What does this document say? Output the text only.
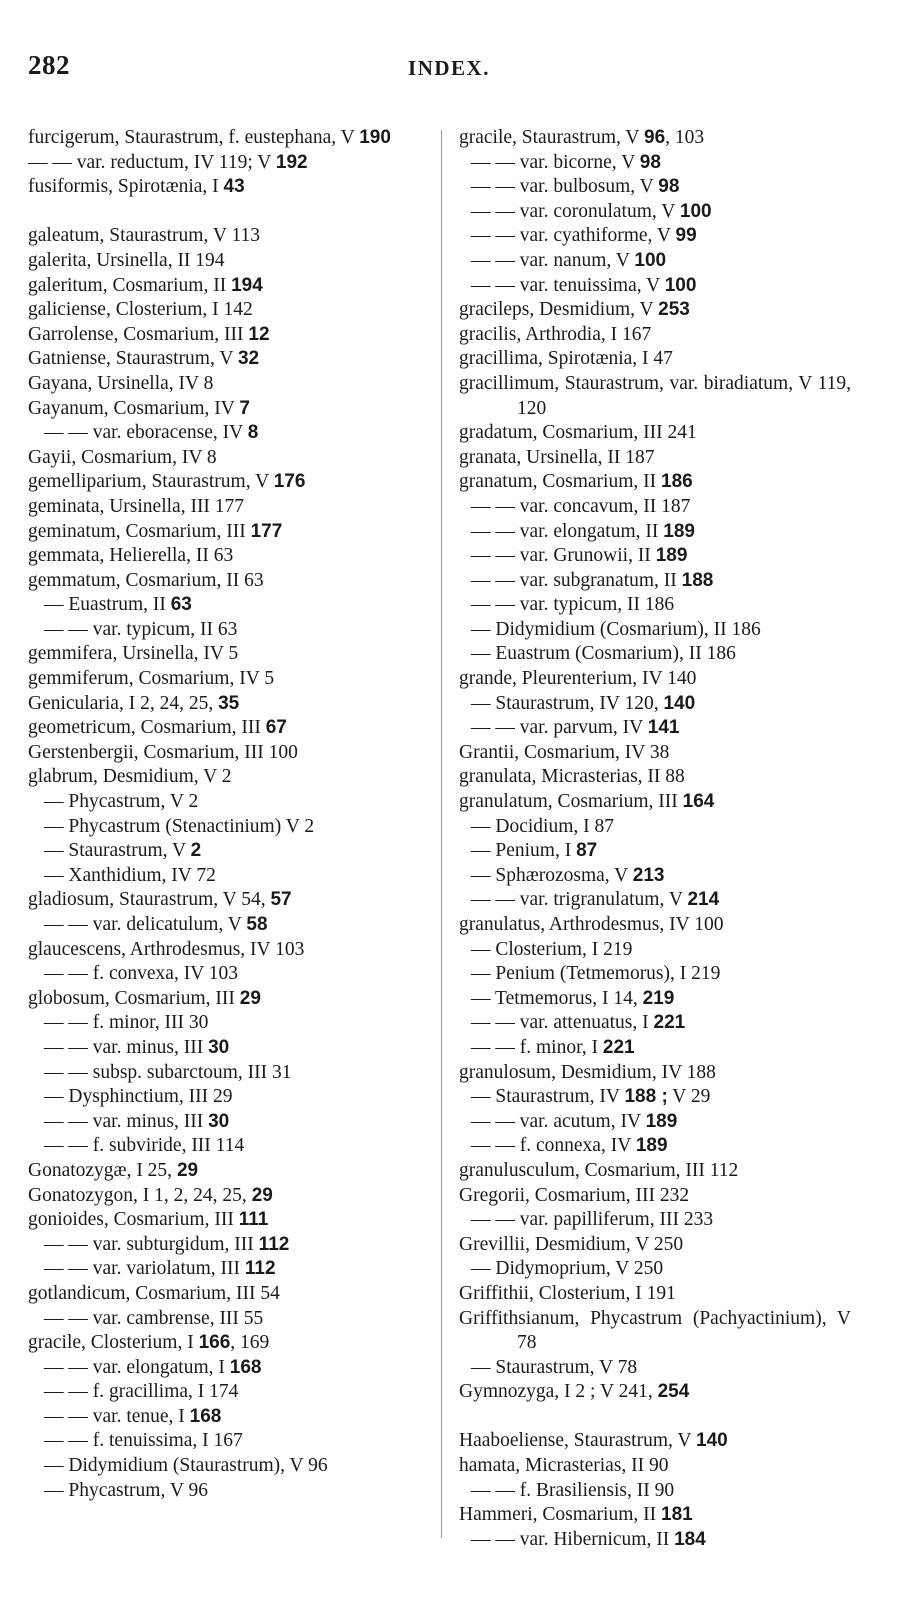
282	INDEX.
furcigerum, Staurastrum, f. eustephana, V 190
— — var. reductum, IV 119; V 192
fusiformis, Spirotænia, I 43
galeatum, Staurastrum, V 113
galerita, Ursinella, II 194
galeritum, Cosmarium, II 194
galiciense, Closterium, I 142
Garrolense, Cosmarium, III 12
Gatniense, Staurastrum, V 32
Gayana, Ursinella, IV 8
Gayanum, Cosmarium, IV 7
— — var. eboracense, IV 8
Gayii, Cosmarium, IV 8
gemelliparium, Staurastrum, V 176
geminata, Ursinella, III 177
geminatum, Cosmarium, III 177
gemmata, Helierella, II 63
gemmatum, Cosmarium, II 63
— Euastrum, II 63
— — var. typicum, II 63
gemmifera, Ursinella, IV 5
gemmiferum, Cosmarium, IV 5
Genicularia, I 2, 24, 25, 35
geometricum, Cosmarium, III 67
Gerstenbergii, Cosmarium, III 100
glabrum, Desmidium, V 2
— Phycastrum, V 2
— Phycastrum (Stenactinium) V 2
— Staurastrum, V 2
— Xanthidium, IV 72
gladiosum, Staurastrum, V 54, 57
— — var. delicatulum, V 58
glaucescens, Arthrodesmus, IV 103
— — f. convexa, IV 103
globosum, Cosmarium, III 29
— — f. minor, III 30
— — var. minus, III 30
— — subsp. subarctoum, III 31
— Dysphinctium, III 29
— — var. minus, III 30
— — f. subviride, III 114
Gonatozygæ, I 25, 29
Gonatozygon, I 1, 2, 24, 25, 29
gonioides, Cosmarium, III 111
— — var. subturgidum, III 112
— — var. variolatum, III 112
gotlandicum, Cosmarium, III 54
— — var. cambrense, III 55
gracile, Closterium, I 166, 169
— — var. elongatum, I 168
— — f. gracillima, I 174
— — var. tenue, I 168
— — f. tenuissima, I 167
— Didymidium (Staurastrum), V 96
— Phycastrum, V 96
gracile, Staurastrum, V 96, 103
— — var. bicorne, V 98
— — var. bulbosum, V 98
— — var. coronulatum, V 100
— — var. cyathiforme, V 99
— — var. nanum, V 100
— — var. tenuissima, V 100
gracileps, Desmidium, V 253
gracilis, Arthrodia, I 167
gracillima, Spirotænia, I 47
gracillimum, Staurastrum, var. biradiatum, V 119, 120
gradatum, Cosmarium, III 241
granata, Ursinella, II 187
granatum, Cosmarium, II 186
— — var. concavum, II 187
— — var. elongatum, II 189
— — var. Grunowii, II 189
— — var. subgranatum, II 188
— — var. typicum, II 186
— Didymidium (Cosmarium), II 186
— Euastrum (Cosmarium), II 186
grande, Pleurenterium, IV 140
— Staurastrum, IV 120, 140
— — var. parvum, IV 141
Grantii, Cosmarium, IV 38
granulata, Micrasterias, II 88
granulatum, Cosmarium, III 164
— Docidium, I 87
— Penium, I 87
— Sphærozosma, V 213
— — var. trigranulatum, V 214
granulatus, Arthrodesmus, IV 100
— Closterium, I 219
— Penium (Tetmemorus), I 219
— Tetmemorus, I 14, 219
— — var. attenuatus, I 221
— — f. minor, I 221
granulosum, Desmidium, IV 188
— Staurastrum, IV 188 ; V 29
— — var. acutum, IV 189
— — f. connexa, IV 189
granulusculum, Cosmarium, III 112
Gregorii, Cosmarium, III 232
— — var. papilliferum, III 233
Grevillii, Desmidium, V 250
— Didymoprium, V 250
Griffithii, Closterium, I 191
Griffithsianum, Phycastrum (Pachyactinium), V 78
— Staurastrum, V 78
Gymnozyga, I 2 ; V 241, 254
Haaboeliense, Staurastrum, V 140
hamata, Micrasterias, II 90
— — f. Brasiliensis, II 90
Hammeri, Cosmarium, II 181
— — var. Hibernicum, II 184
